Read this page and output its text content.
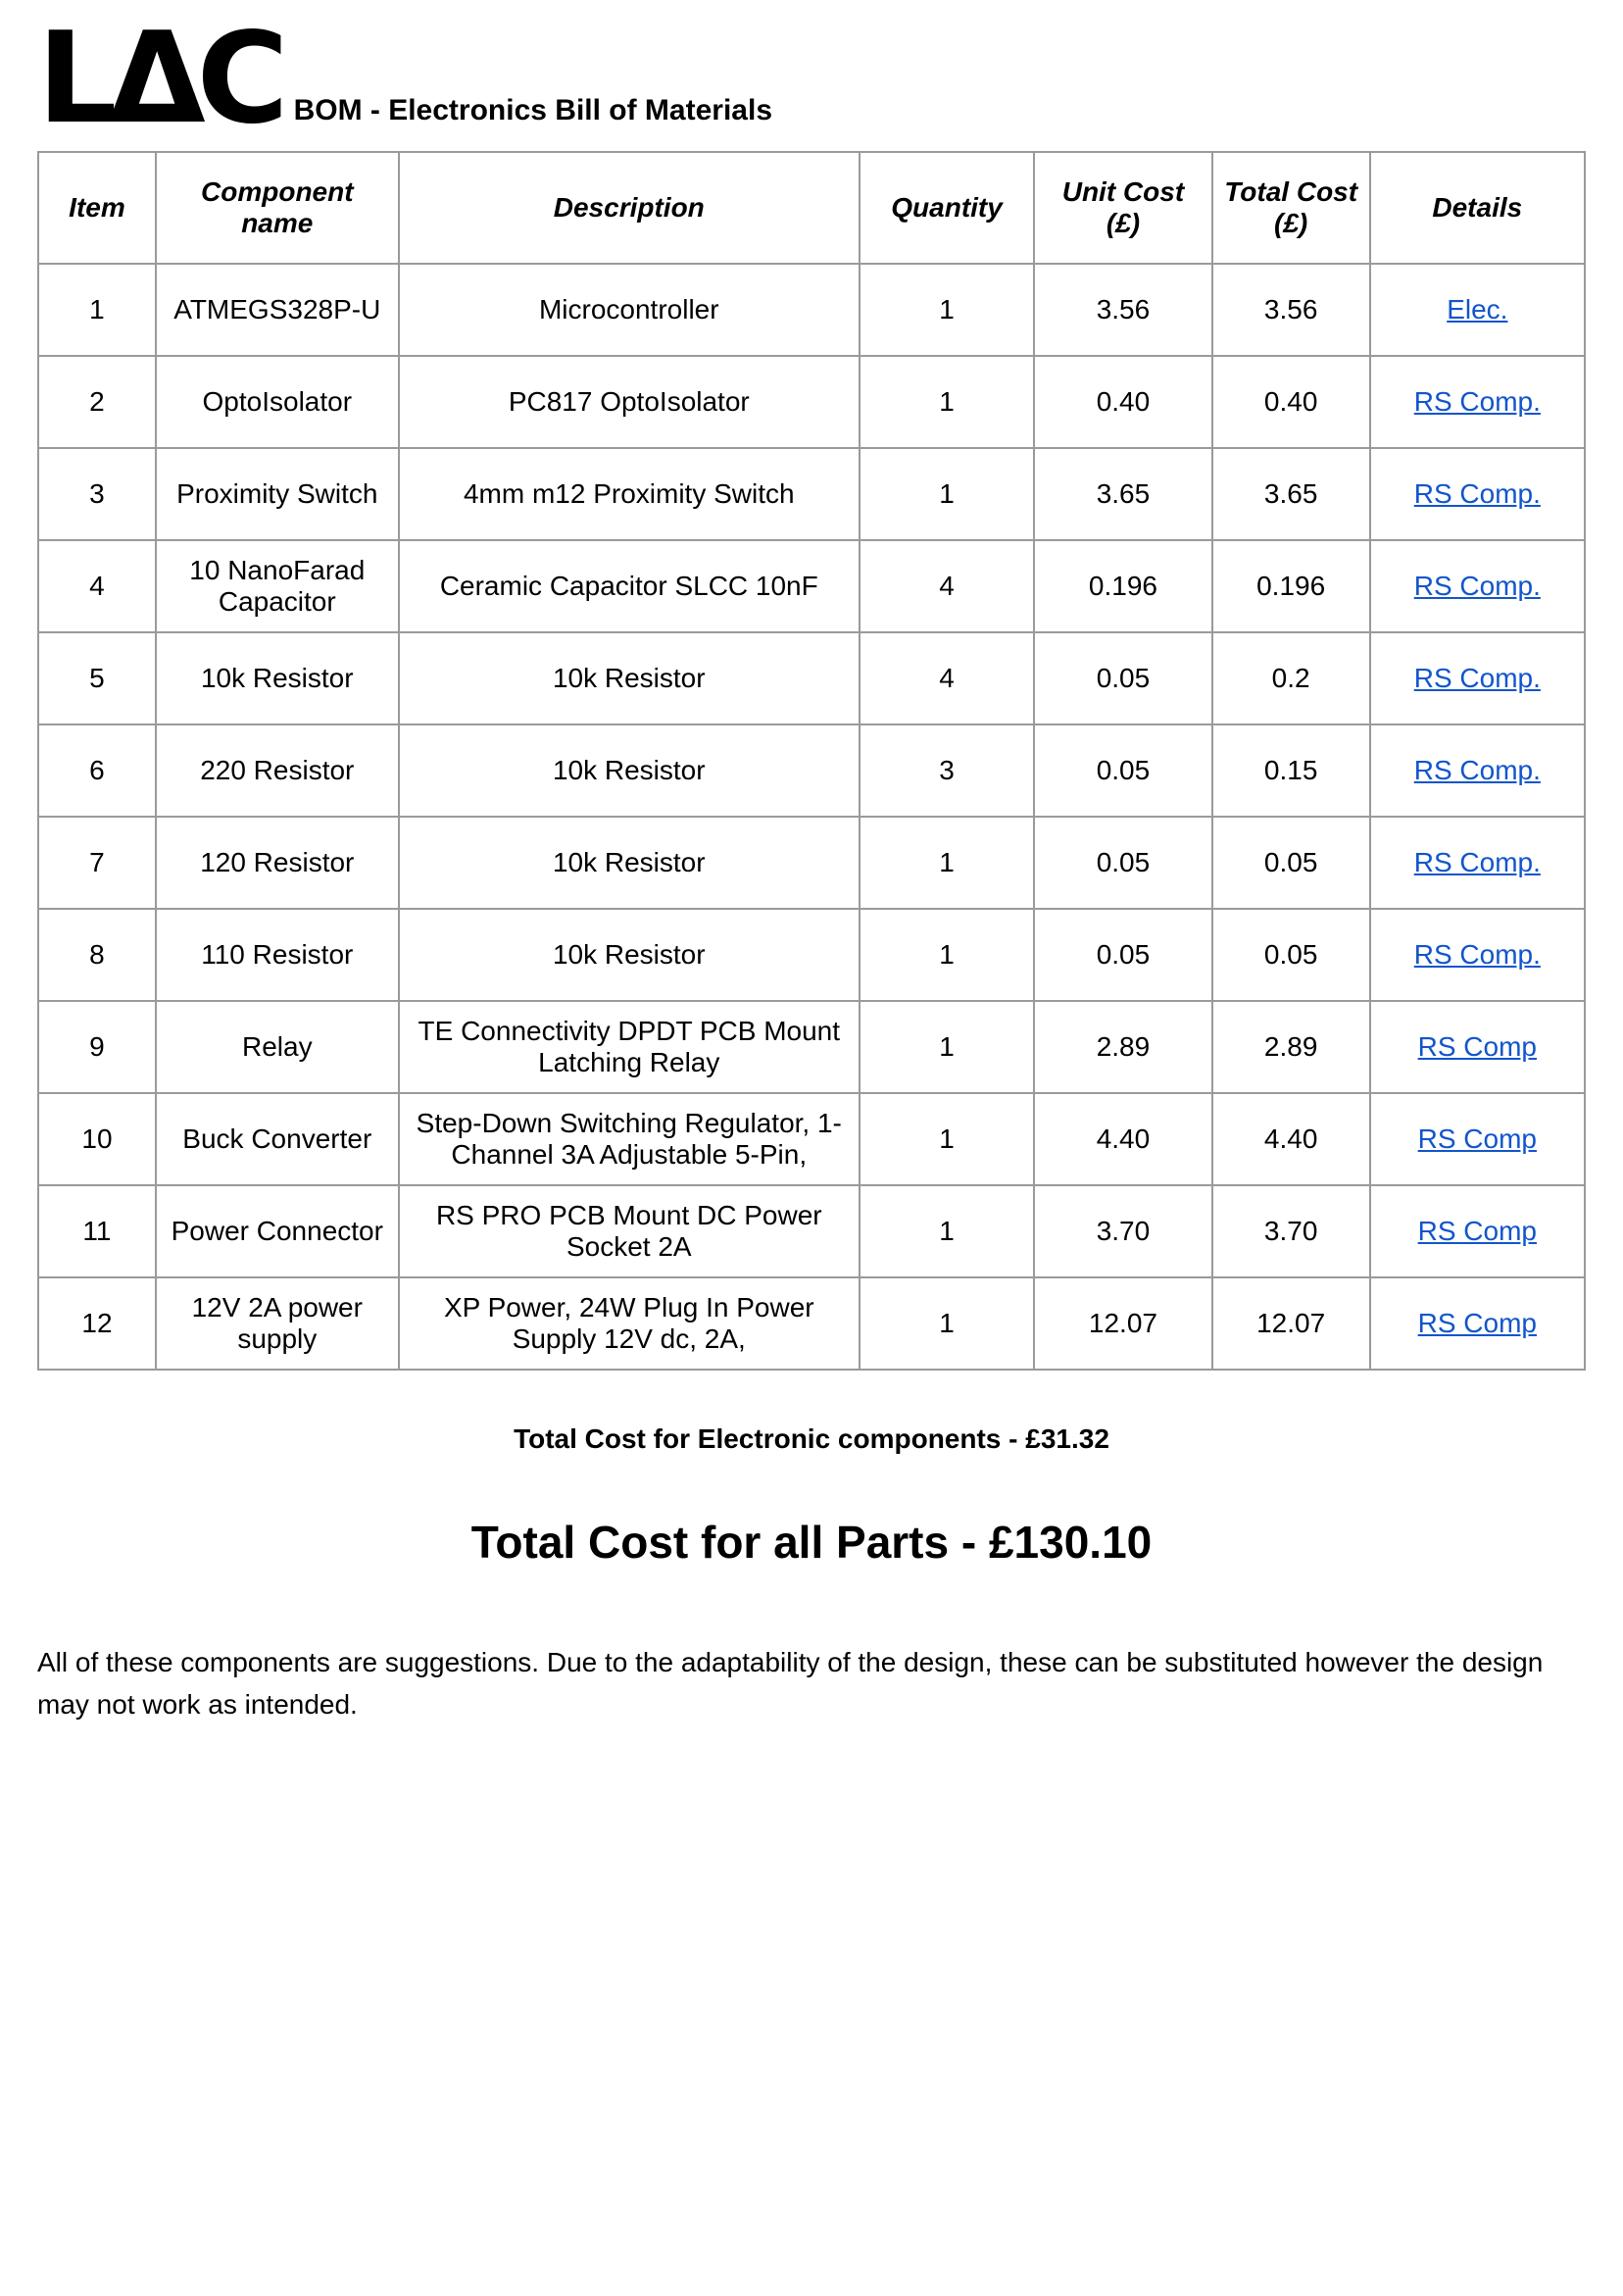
LΔC BOM - Electronics Bill of Materials
Item	Component name	Description	Quantity	Unit Cost (£)	Total Cost (£)	Details
1	ATMEGS328P-U	Microcontroller	1	3.56	3.56	Elec.
2	OptoIsolator	PC817 OptoIsolator	1	0.40	0.40	RS Comp.
3	Proximity Switch	4mm m12 Proximity Switch	1	3.65	3.65	RS Comp.
4	10 NanoFarad Capacitor	Ceramic Capacitor SLCC 10nF	4	0.196	0.196	RS Comp.
5	10k Resistor	10k Resistor	4	0.05	0.2	RS Comp.
6	220 Resistor	10k Resistor	3	0.05	0.15	RS Comp.
7	120 Resistor	10k Resistor	1	0.05	0.05	RS Comp.
8	110 Resistor	10k Resistor	1	0.05	0.05	RS Comp.
9	Relay	TE Connectivity DPDT PCB Mount Latching Relay	1	2.89	2.89	RS Comp
10	Buck Converter	Step-Down Switching Regulator, 1-Channel 3A Adjustable 5-Pin,	1	4.40	4.40	RS Comp
11	Power Connector	RS PRO PCB Mount DC Power Socket 2A	1	3.70	3.70	RS Comp
12	12V 2A power supply	XP Power, 24W Plug In Power Supply 12V dc, 2A,	1	12.07	12.07	RS Comp
Total Cost for Electronic components - £31.32
Total Cost for all Parts - £130.10

All of these components are suggestions. Due to the adaptability of the design, these can be substituted however the design may not work as intended.
